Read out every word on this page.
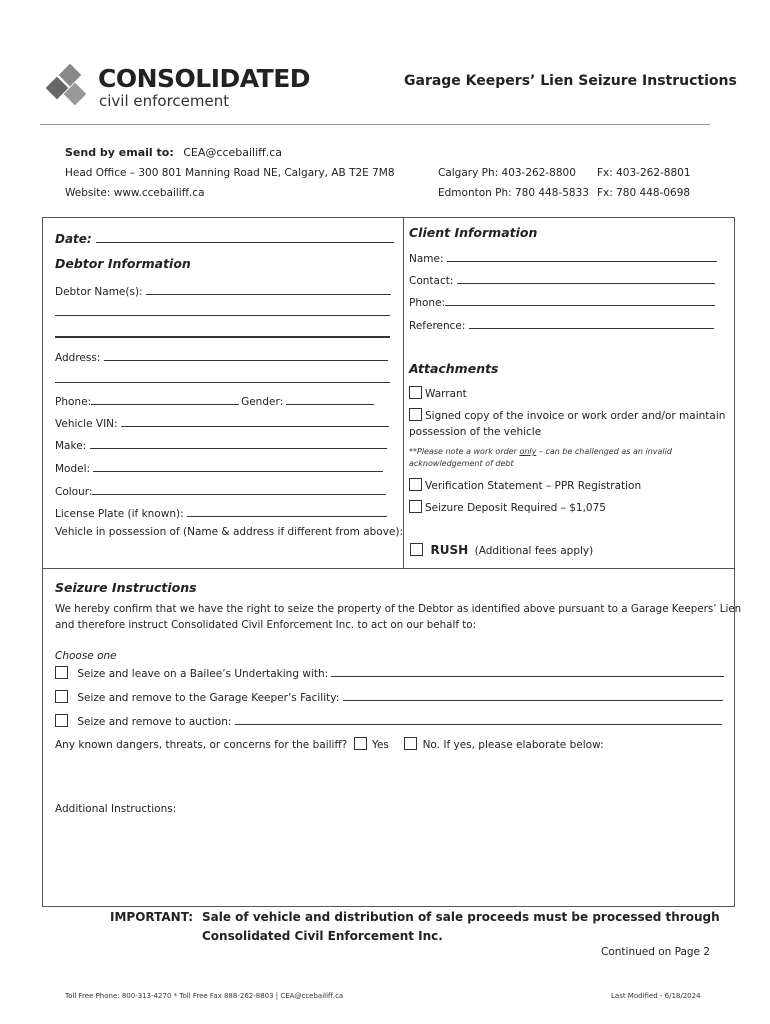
CONSOLIDATED
civil enforcement
Garage Keepers’ Lien Seizure Instructions
Send by email to: CEA@ccebailiff.ca
Head Office – 300 801 Manning Road NE, Calgary, AB T2E 7M8
Website: www.ccebailiff.ca
Calgary Ph: 403-262-8800 Fx: 403-262-8801
Edmonton Ph: 780 448-5833 Fx: 780 448-0698
Date:
Debtor Information
Debtor Name(s):
Address:
Phone:	Gender:
Vehicle VIN:
Make:
Model:
Colour:
License Plate (if known):
Vehicle in possession of (Name & address if different from above):
Client Information
Name:
Contact:
Phone:
Reference:
Attachments
Warrant
Signed copy of the invoice or work order and/or maintain
possession of the vehicle
**Please note a work order only – can be challenged as an invalid
acknowledgement of debt
Verification Statement – PPR Registration
Seizure Deposit Required – $1,075
RUSH (Additional fees apply)
Seizure Instructions
We hereby confirm that we have the right to seize the property of the Debtor as identified above pursuant to a Garage Keepers’ Lien
and therefore instruct Consolidated Civil Enforcement Inc. to act on our behalf to:
Choose one
Seize and leave on a Bailee’s Undertaking with:
Seize and remove to the Garage Keeper’s Facility:
Seize and remove to auction:
Any known dangers, threats, or concerns for the bailiff? Yes	No. If yes, please elaborate below:
Additional Instructions:
IMPORTANT: Sale of vehicle and distribution of sale proceeds must be processed through
Consolidated Civil Enforcement Inc.
Continued on Page 2
Toll Free Phone: 800-313-4270 * Toll Free Fax 888-262-8803 | CEA@ccebailiff.ca	Last Modified - 6/18/2024
